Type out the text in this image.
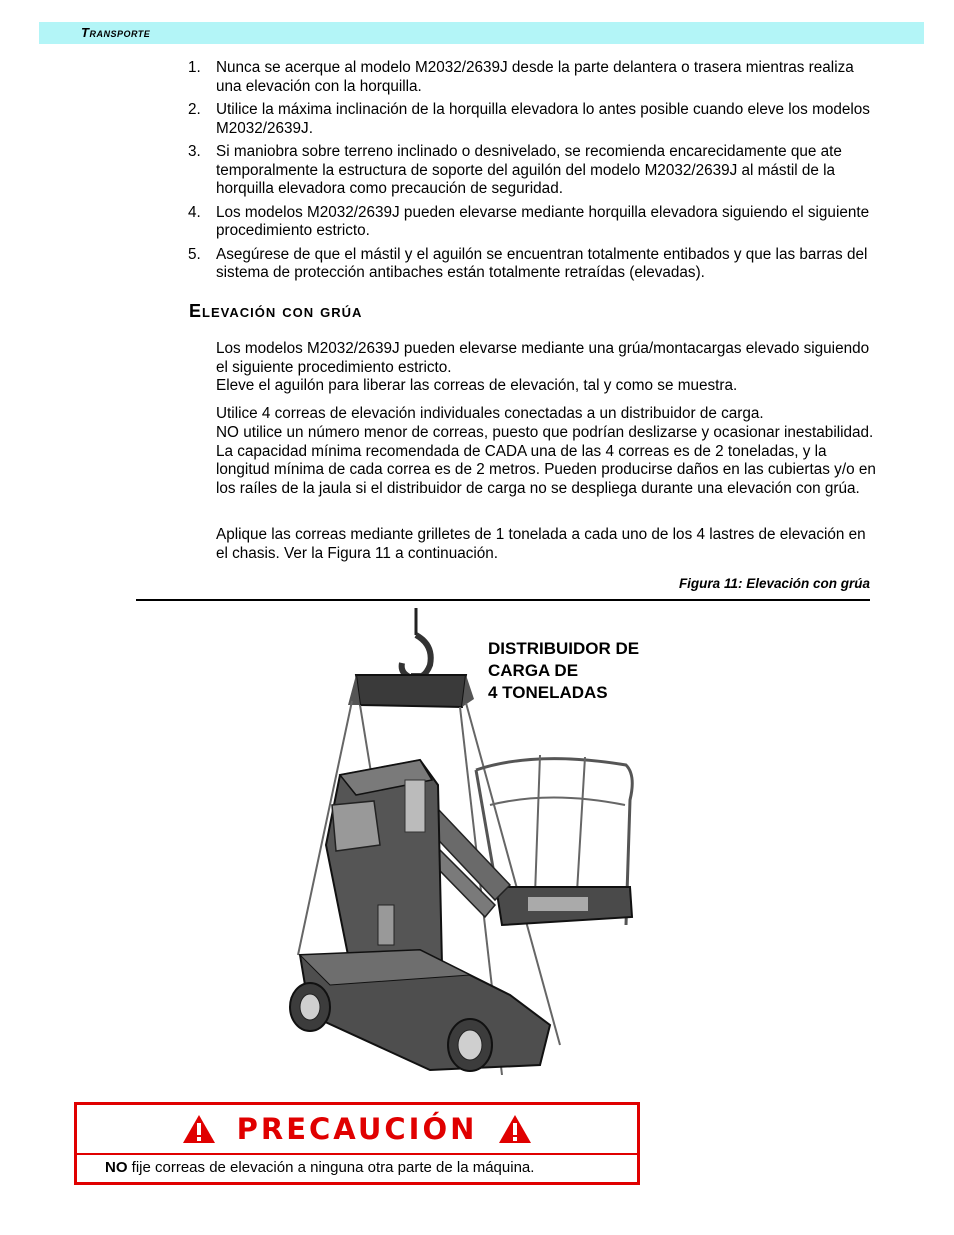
Transporte
1. Nunca se acerque al modelo M2032/2639J desde la parte delantera o trasera mientras realiza una elevación con la horquilla.
2. Utilice la máxima inclinación de la horquilla elevadora lo antes posible cuando eleve los modelos M2032/2639J.
3. Si maniobra sobre terreno inclinado o desnivelado, se recomienda encarecidamente que ate temporalmente la estructura de soporte del aguilón del modelo M2032/2639J al mástil de la horquilla elevadora como precaución de seguridad.
4. Los modelos M2032/2639J pueden elevarse mediante horquilla elevadora siguiendo el siguiente procedimiento estricto.
5. Asegúrese de que el mástil y el aguilón se encuentran totalmente entibados y que las barras del sistema de protección antibaches están totalmente retraídas (elevadas).
Elevación con grúa

Los modelos M2032/2639J pueden elevarse mediante una grúa/montacargas elevado siguiendo el siguiente procedimiento estricto.

Eleve el aguilón para liberar las correas de elevación, tal y como se muestra.

Utilice 4 correas de elevación individuales conectadas a un distribuidor de carga.

NO utilice un número menor de correas, puesto que podrían deslizarse y ocasionar inestabilidad. La capacidad mínima recomendada de CADA una de las 4 correas es de 2 toneladas, y la longitud mínima de cada correa es de 2 metros. Pueden producirse daños en las cubiertas y/o en los raíles de la jaula si el distribuidor de carga no se despliega durante una elevación con grúa.

Aplique las correas mediante grilletes de 1 tonelada a cada uno de los 4 lastres de elevación en el chasis. Ver la Figura 11 a continuación.

Figura 11: Elevación con grúa
DISTRIBUIDOR DE
CARGA DE
4 TONELADAS
PRECAUCIÓN
NO fije correas de elevación a ninguna otra parte de la máquina.
